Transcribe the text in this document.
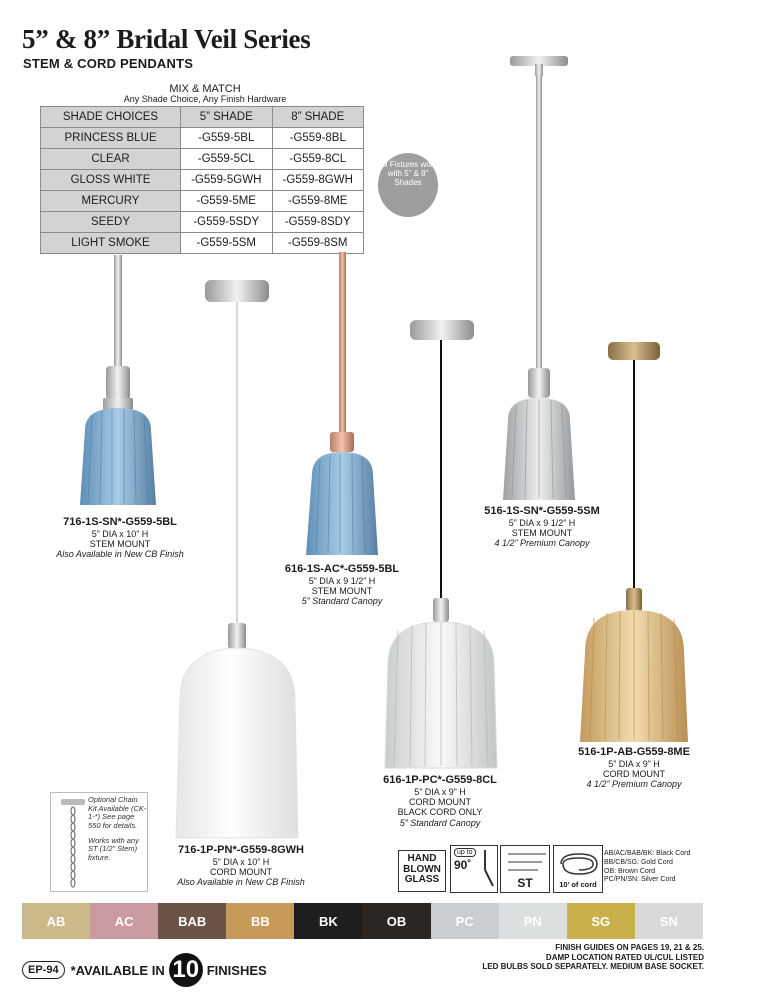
5” & 8” Bridal Veil Series
STEM & CORD PENDANTS
MIX & MATCH
Any Shade Choice, Any Finish Hardware
SHADE CHOICES	5” SHADE	8” SHADE
PRINCESS BLUE	-G559-5BL	-G559-8BL
CLEAR	-G559-5CL	-G559-8CL
GLOSS WHITE	-G559-5GWH	-G559-8GWH
MERCURY	-G559-5ME	-G559-8ME
SEEDY	-G559-5SDY	-G559-8SDY
LIGHT SMOKE	-G559-5SM	-G559-8SM
All Fixtures work with 5” & 8” Shades
716-1S-SN*-G559-5BL
5” DIA x 10” H
STEM MOUNT
Also Available in New CB Finish
616-1S-AC*-G559-5BL
5” DIA x 9 1/2” H
STEM MOUNT
5” Standard Canopy
516-1S-SN*-G559-5SM
5” DIA x 9 1/2” H
STEM MOUNT
4 1/2” Premium Canopy
716-1P-PN*-G559-8GWH
5” DIA x 10” H
CORD MOUNT
Also Available in New CB Finish
616-1P-PC*-G559-8CL
5” DIA x 9” H
CORD MOUNT
BLACK CORD ONLY
5” Standard Canopy
516-1P-AB-G559-8ME
5” DIA x 9” H
CORD MOUNT
4 1/2” Premium Canopy
Optional Chain Kit Available (CK-1-*) See page 550 for details.
Works with any ST (1/2” Stem) fixture.	HAND
BLOWN
GLASS
up to
90˚
ST	10’ of cord
AB/AC/BAB/BK: Black Cord
BB/CB/SG: Gold Cord
OB: Brown Cord
PC/PN/SN: Silver Cord
AB	AC	BAB	BB	BK	OB	PC	PN	SG	SN
EP-94 *AVAILABLE IN 10 FINISHES
FINISH GUIDES ON PAGES 19, 21 & 25.
DAMP LOCATION RATED UL/CUL LISTED
LED BULBS SOLD SEPARATELY. MEDIUM BASE SOCKET.
